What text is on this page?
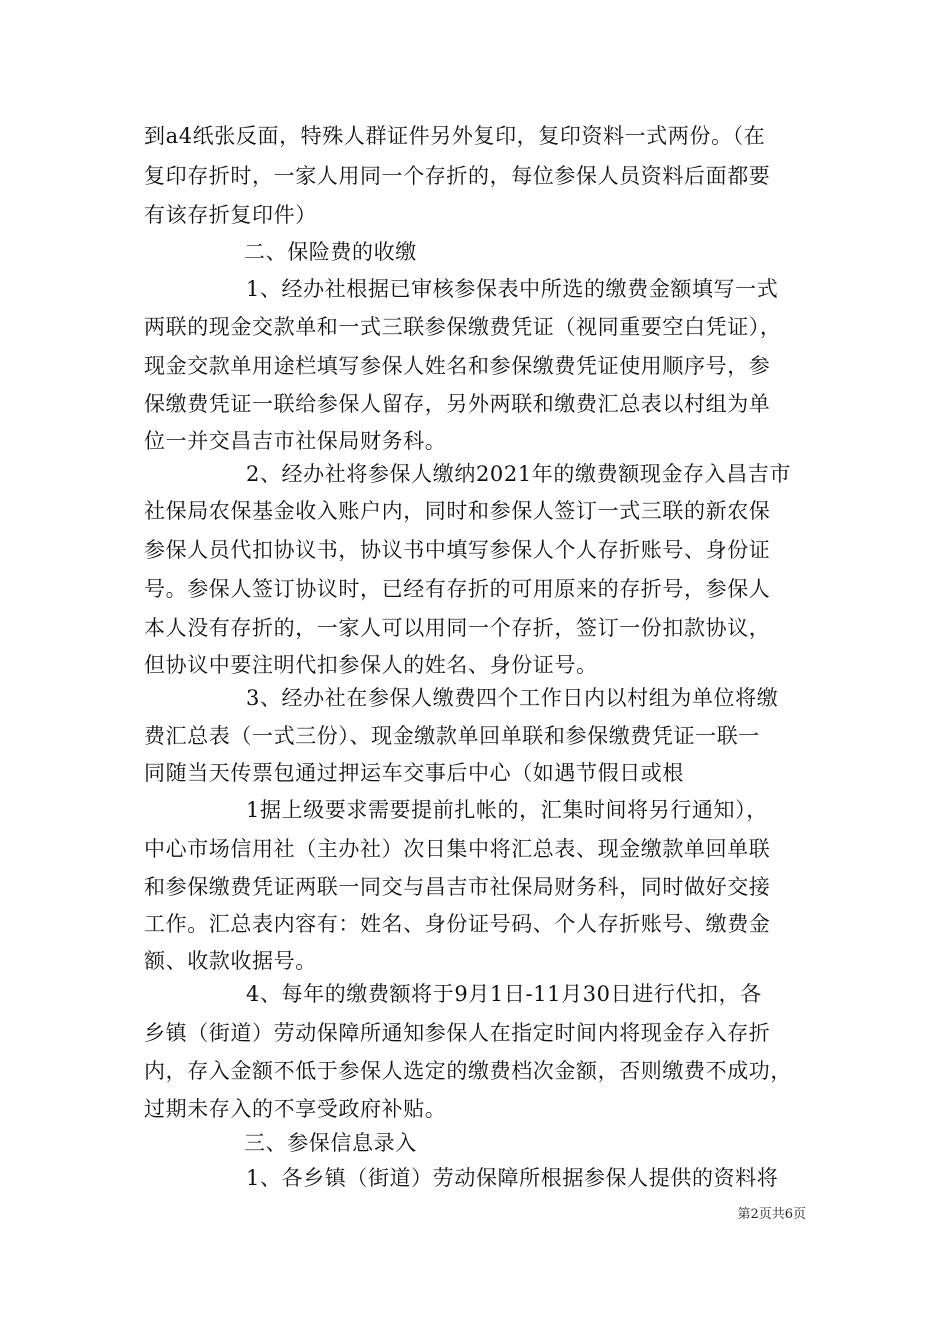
到a4纸张反面，特殊人群证件另外复印，复印资料一式两份。（在
复印存折时，一家人用同一个存折的，每位参保人员资料后面都要
有该存折复印件）
二、保险费的收缴
1、经办社根据已审核参保表中所选的缴费金额填写一式
两联的现金交款单和一式三联参保缴费凭证（视同重要空白凭证），
现金交款单用途栏填写参保人姓名和参保缴费凭证使用顺序号，参
保缴费凭证一联给参保人留存，另外两联和缴费汇总表以村组为单
位一并交昌吉市社保局财务科。
2、经办社将参保人缴纳2021年的缴费额现金存入昌吉市
社保局农保基金收入账户内，同时和参保人签订一式三联的新农保
参保人员代扣协议书，协议书中填写参保人个人存折账号、身份证
号。参保人签订协议时，已经有存折的可用原来的存折号，参保人
本人没有存折的，一家人可以用同一个存折，签订一份扣款协议，
但协议中要注明代扣参保人的姓名、身份证号。
3、经办社在参保人缴费四个工作日内以村组为单位将缴
费汇总表（一式三份）、现金缴款单回单联和参保缴费凭证一联一
同随当天传票包通过押运车交事后中心（如遇节假日或根
1据上级要求需要提前扎帐的，汇集时间将另行通知），
中心市场信用社（主办社）次日集中将汇总表、现金缴款单回单联
和参保缴费凭证两联一同交与昌吉市社保局财务科，同时做好交接
工作。汇总表内容有：姓名、身份证号码、个人存折账号、缴费金
额、收款收据号。
4、每年的缴费额将于9月1日-11月30日进行代扣，各
乡镇（街道）劳动保障所通知参保人在指定时间内将现金存入存折
内，存入金额不低于参保人选定的缴费档次金额，否则缴费不成功，
过期未存入的不享受政府补贴。
三、参保信息录入
1、各乡镇（街道）劳动保障所根据参保人提供的资料将
第2页共6页
